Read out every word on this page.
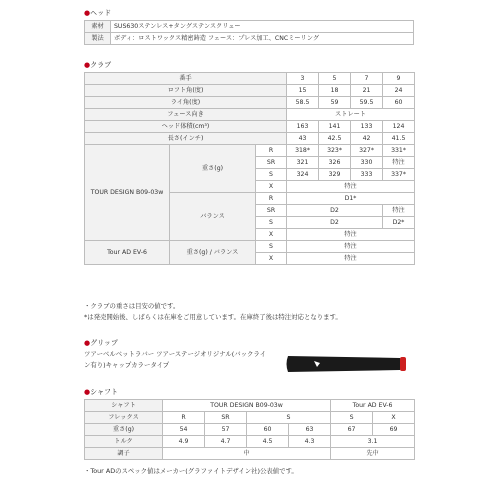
●ヘッド
素材	SUS630ステンレス+タングステンスクリュー
製法	ボディ：ロストワックス精密鋳造 フェース：プレス加工、CNCミーリング
●クラブ
番手			3	5	7	9
ロフト角(度)			15	18	21	24
ライ角(度)			58.5	59	59.5	60
フェース向き			ストレート			
ヘッド体積(cm³)			163	141	133	124
長さ(インチ)			43	42.5	42	41.5
TOUR DESIGN B09-03w	重さ(g)	R	318*	323*	327*	331*
		SR	321	326	330	特注
		S	324	329	333	337*
		X	特注			
	バランス	R	D1*			
		SR	D2			特注
		S	D2			D2*
		X	特注			
Tour AD EV-6	重さ(g) / バランス	S	特注			
		X	特注			
・クラブの重さは目安の値です。
*は発売開始後、しばらくは在庫をご用意しています。在庫終了後は特注対応となります。
●グリップ
ツアーベルベットラバー ツアーステージオリジナル(バックライ
ン有り)キャップカラータイプ
●シャフト
シャフト	TOUR DESIGN B09-03w				Tour AD EV-6	
フレックス	R	SR	S		S	X
重さ(g)	54	57	60	63	67	69
トルク	4.9	4.7	4.5	4.3	3.1	
調子	中				先中	
・Tour ADのスペック値はメーカー(グラファイトデザイン社)公表値です。
